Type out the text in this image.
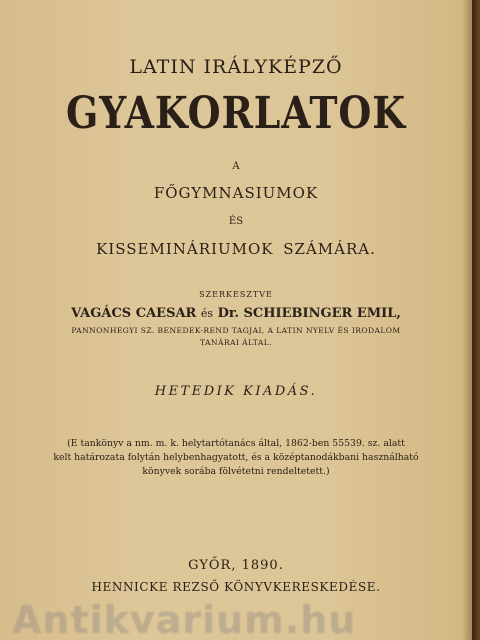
LATIN IRÁLYKÉPZŐ
GYAKORLATOK
A
FŐGYMNASIUMOK
ÉS
KISSEMINÁRIUMOK SZÁMÁRA.
SZERKESZTVE
VAGÁCS CAESAR és Dr. SCHIEBINGER EMIL,
PANNONHEGYI SZ. BENEDEK-REND TAGJAI, A LATIN NYELV ÉS IRODALOM
TANÁRAI ÁLTAL.
HETEDIK KIADÁS.
(E tankönyv a nm. m. k. helytartótanács által, 1862-ben 55539. sz. alatt
kelt határozata folytán helybenhagyatott, és a középtanodákbani használható
könyvek sorába fölvétetni rendeltetett.)
GYŐR, 1890.
HENNICKE REZSŐ KÖNYVKERESKEDÉSE.
Antikvarium.hu
